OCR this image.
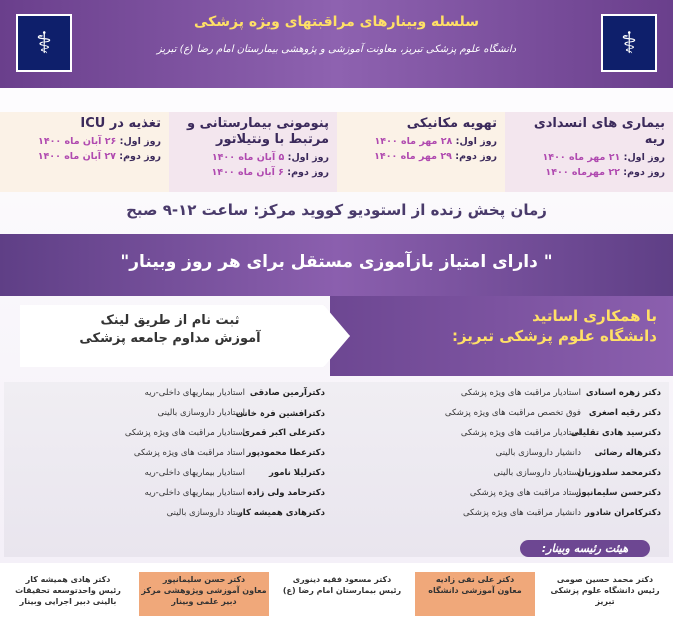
⚕	⚕
سلسله وبینارهای مراقبتهای ویژه پزشکی
دانشگاه علوم پزشکی تبریز، معاونت آموزشی و پژوهشی بیمارستان امام رضا (ع) تبریز
بیماری های انسدادی ریه
روز اول: ۲۱ مهر ماه ۱۴۰۰
روز دوم: ۲۲ مهرماه ۱۴۰۰
تهویه مکانیکی
روز اول: ۲۸ مهر ماه ۱۴۰۰
روز دوم: ۲۹ مهر ماه ۱۴۰۰
پنومونی بیمارستانی و مرتبط با ونتیلاتور
روز اول: ۵ آبان ماه ۱۴۰۰
روز دوم: ۶ آبان ماه ۱۴۰۰
تغذیه در ICU
روز اول: ۲۶ آبان ماه ۱۴۰۰
روز دوم: ۲۷ آبان ماه ۱۴۰۰
زمان پخش زنده از استودیو کووید مرکز: ساعت ۱۲-۹ صبح
" دارای امتیاز بازآموزی مستقل برای هر روز وبینار"
با همکاری اساتید
دانشگاه علوم پزشکی تبریز:
ثبت نام از طریق لینک
آموزش مداوم جامعه پزشکی
دکتر زهره اسنادی
استادیار مراقبت های ویژه پزشکی
دکتر رقیه اصغری
فوق تخصص مراقبت های ویژه پزشکی
دکترسید هادی تقلیلی
استادیار مراقبت های ویژه پزشکی
دکترهاله رضائی
دانشیار داروسازی بالینی
دکترمحمد سلدوزیان
استادیار داروسازی بالینی
دکترحسن سلیمانپور
استاد مراقبت های ویژه پزشکی
دکترکامران شادور
دانشیار مراقبت های ویژه پزشکی
دکترآرمین صادقی
استادیار بیماریهای داخلی-ریه
دکترافشین فرہ خانی
استادیار داروسازی بالینی
دکترعلی اکبر قمری
استادیار مراقبت های ویژه پزشکی
دکترعطا محمودپور
استاد مراقبت های ویژه پزشکی
دکترلیلا نامور
استادیار بیماریهای داخلی-ریه
دکترحامد ولی زاده
استادیار بیماریهای داخلی-ریه
دکترهادی همیشه کار
استاد داروسازی بالینی
هیئت رئیسه وبینار:
دکتر محمد حسین صومی
رئیس دانشگاه علوم پزشکی تبریز
دکتر علی تقی زادیه
معاون آموزشی دانشگاه
دکتر مسعود فقیه دینوری
رئیس بیمارستان امام رضا (ع)
دکتر حسن سلیمانپور
معاون آموزشی وپژوهشی مرکز دبیر علمی وبینار
دکتر هادی همیشه کار
رئیس واحدتوسعه تحقیقات بالینی دبیر اجرایی وبینار
